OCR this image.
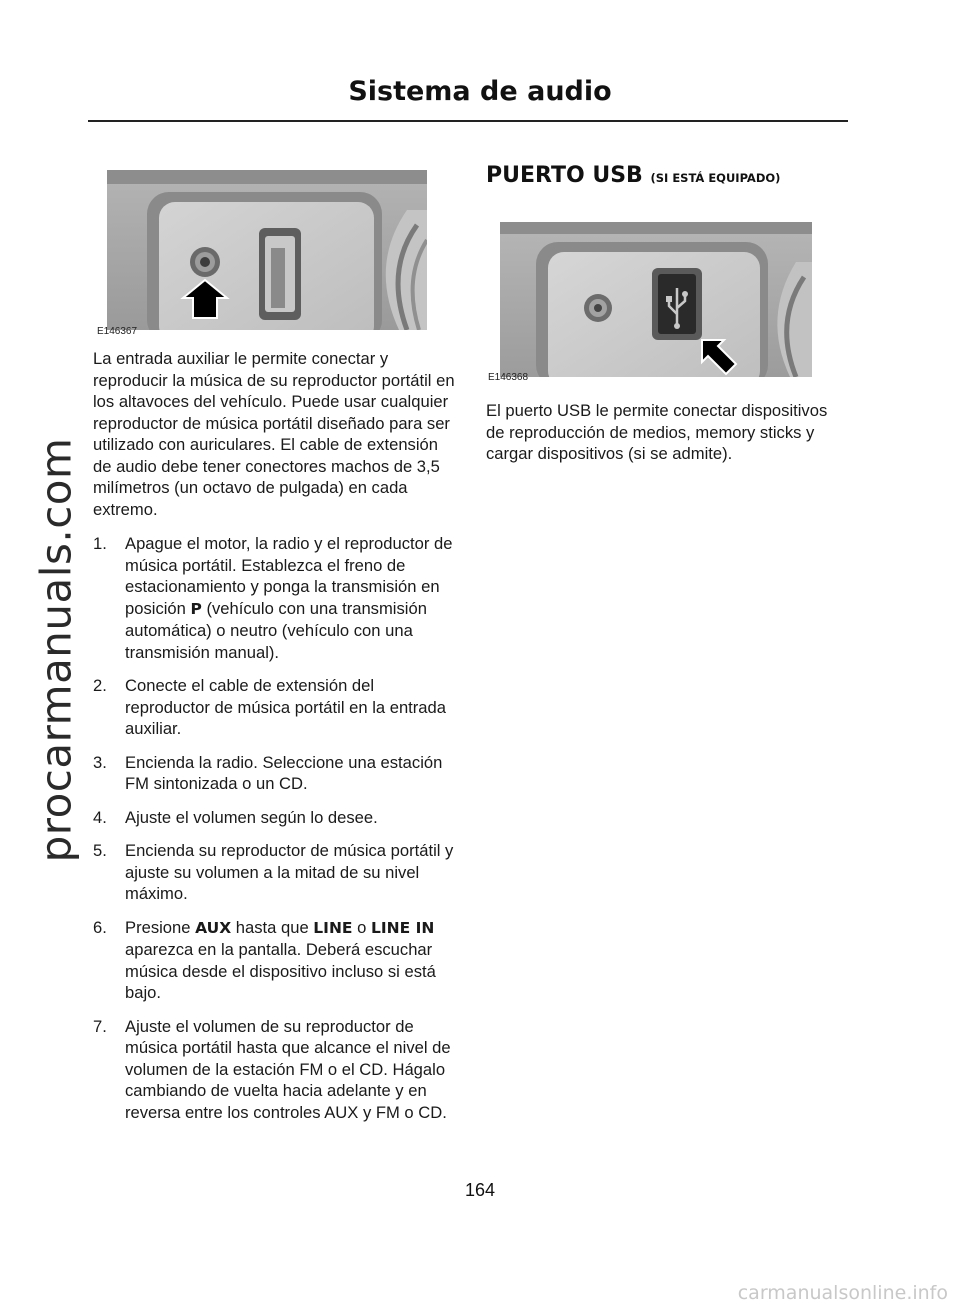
procarmanuals.com
Sistema de audio
E146367

La entrada auxiliar le permite conectar y reproducir la música de su reproductor portátil en los altavoces del vehículo. Puede usar cualquier reproductor de música portátil diseñado para ser utilizado con auriculares. El cable de extensión de audio debe tener conectores machos de 3,5 milímetros (un octavo de pulgada) en cada extremo.

1. Apague el motor, la radio y el reproductor de música portátil. Establezca el freno de estacionamiento y ponga la transmisión en posición P (vehículo con una transmisión automática) o neutro (vehículo con una transmisión manual).
2. Conecte el cable de extensión del reproductor de música portátil en la entrada auxiliar.
3. Encienda la radio. Seleccione una estación FM sintonizada o un CD.
4. Ajuste el volumen según lo desee.
5. Encienda su reproductor de música portátil y ajuste su volumen a la mitad de su nivel máximo.
6. Presione AUX hasta que LINE o LINE IN aparezca en la pantalla. Deberá escuchar música desde el dispositivo incluso si está bajo.
7. Ajuste el volumen de su reproductor de música portátil hasta que alcance el nivel de volumen de la estación FM o el CD. Hágalo cambiando de vuelta hacia adelante y en reversa entre los controles AUX y FM o CD.
PUERTO USB (SI ESTÁ EQUIPADO)
E146368

El puerto USB le permite conectar dispositivos de reproducción de medios, memory sticks y cargar dispositivos (si se admite).

164
carmanualsonline.info
